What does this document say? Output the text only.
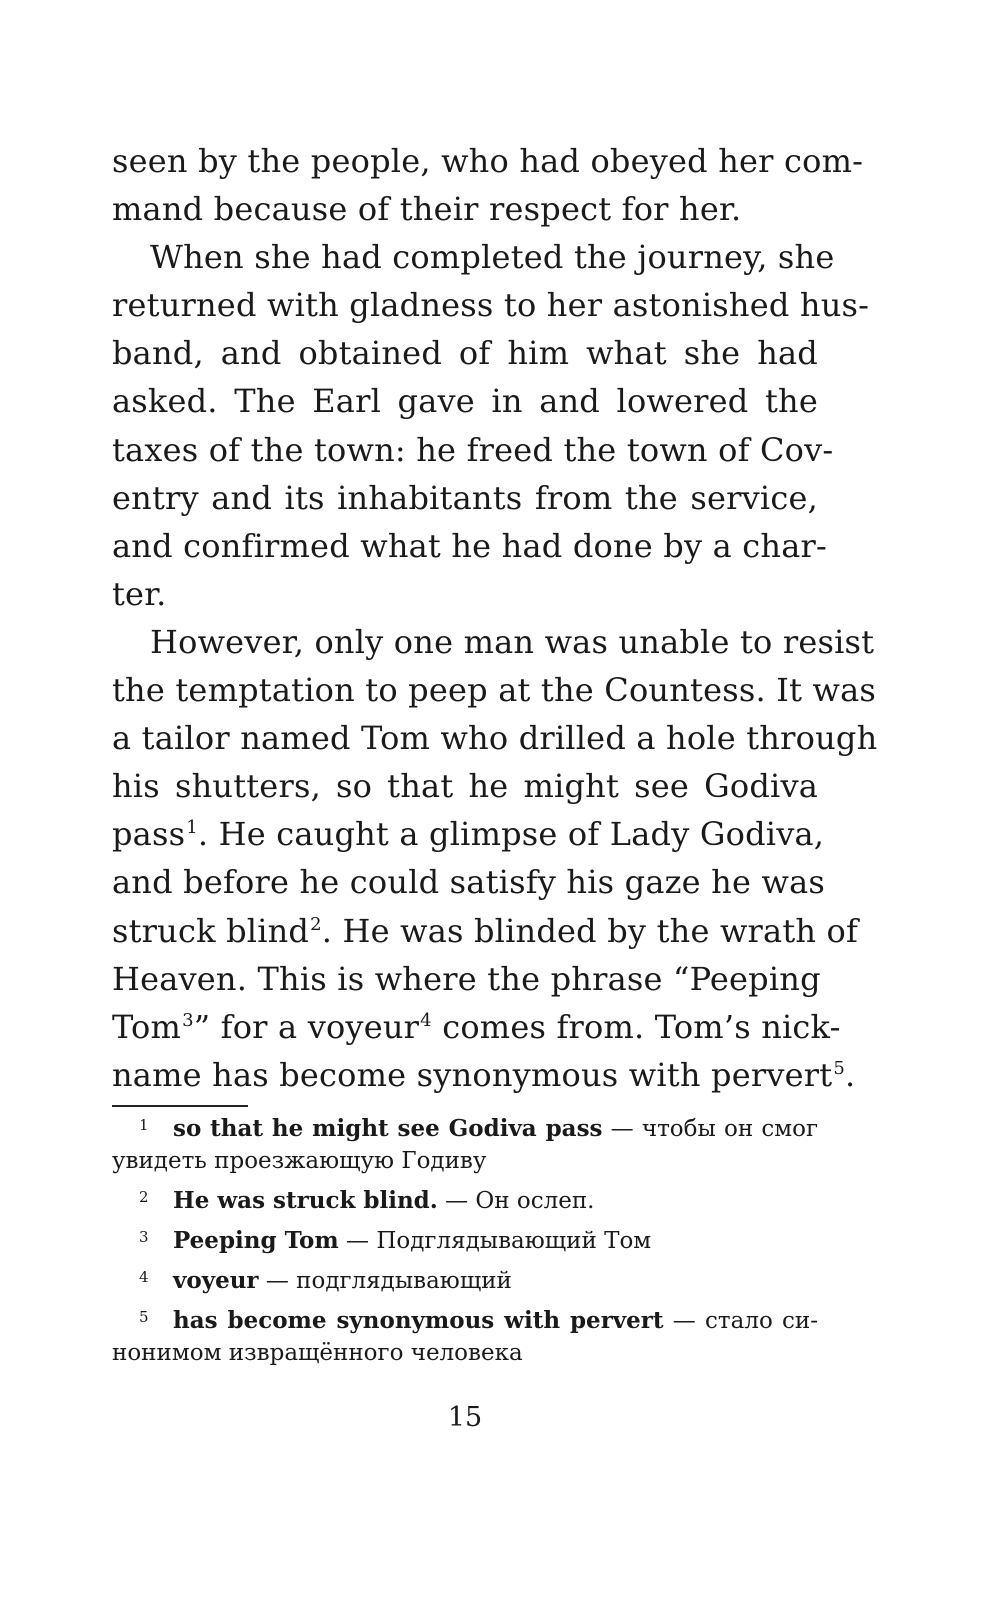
seen by the people, who had obeyed her com-
mand because of their respect for her.
When she had completed the journey, she
returned with gladness to her astonished hus-
band, and obtained of him what she had
asked. The Earl gave in and lowered the
taxes of the town: he freed the town of Cov-
entry and its inhabitants from the service,
and confirmed what he had done by a char-
ter.
However, only one man was unable to resist
the temptation to peep at the Countess. It was
a tailor named Tom who drilled a hole through
his shutters, so that he might see Godiva
pass$^1$. He caught a glimpse of Lady Godiva,
and before he could satisfy his gaze he was
struck blind$^2$. He was blinded by the wrath of
Heaven. This is where the phrase “Peeping
Tom$^3$” for a voyeur$^4$ comes from. Tom’s nick-
name has become synonymous with pervert$^5$.
1 so that he might see Godiva pass — чтобы он смог
увидеть проезжающую Годиву
2 He was struck blind. — Он ослеп.
3 Peeping Tom — Подглядывающий Том
4 voyeur — подглядывающий
5 has become synonymous with pervert — стало си-
нонимом извращённого человека
15
